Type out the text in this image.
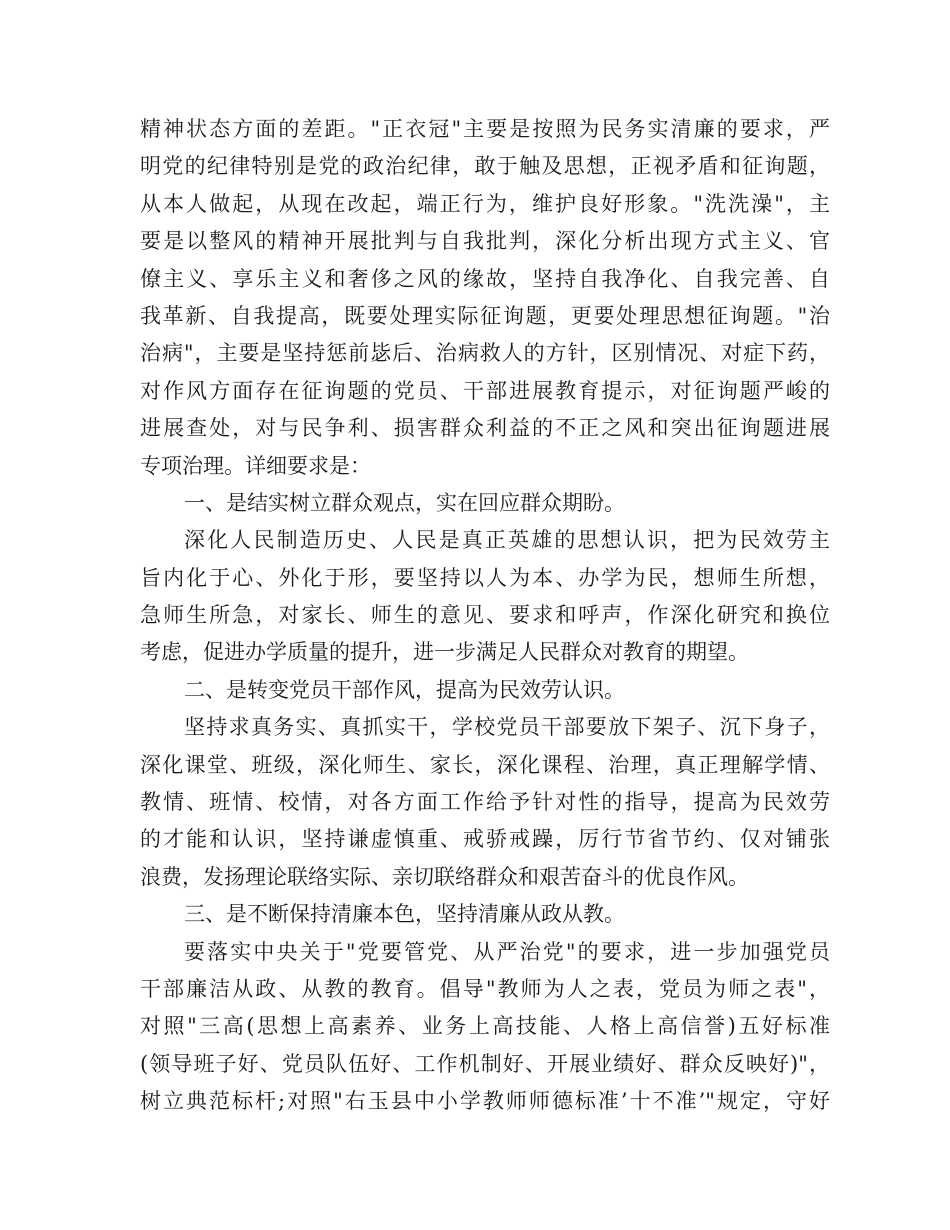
精神状态方面的差距。"正衣冠"主要是按照为民务实清廉的要求，严
明党的纪律特别是党的政治纪律，敢于触及思想，正视矛盾和征询题，
从本人做起，从现在改起，端正行为，维护良好形象。"洗洗澡"，主
要是以整风的精神开展批判与自我批判，深化分析出现方式主义、官
僚主义、享乐主义和奢侈之风的缘故，坚持自我净化、自我完善、自
我革新、自我提高，既要处理实际征询题，更要处理思想征询题。"治
治病"，主要是坚持惩前毖后、治病救人的方针，区别情况、对症下药，
对作风方面存在征询题的党员、干部进展教育提示，对征询题严峻的
进展查处，对与民争利、损害群众利益的不正之风和突出征询题进展
专项治理。详细要求是：
一、是结实树立群众观点，实在回应群众期盼。
深化人民制造历史、人民是真正英雄的思想认识，把为民效劳主
旨内化于心、外化于形，要坚持以人为本、办学为民，想师生所想，
急师生所急，对家长、师生的意见、要求和呼声，作深化研究和换位
考虑，促进办学质量的提升，进一步满足人民群众对教育的期望。
二、是转变党员干部作风，提高为民效劳认识。
坚持求真务实、真抓实干，学校党员干部要放下架子、沉下身子，
深化课堂、班级，深化师生、家长，深化课程、治理，真正理解学情、
教情、班情、校情，对各方面工作给予针对性的指导，提高为民效劳
的才能和认识，坚持谦虚慎重、戒骄戒躁，厉行节省节约、仅对铺张
浪费，发扬理论联络实际、亲切联络群众和艰苦奋斗的优良作风。
三、是不断保持清廉本色，坚持清廉从政从教。
要落实中央关于"党要管党、从严治党"的要求，进一步加强党员
干部廉洁从政、从教的教育。倡导"教师为人之表，党员为师之表"，
对照"三高(思想上高素养、业务上高技能、人格上高信誉)五好标准
(领导班子好、党员队伍好、工作机制好、开展业绩好、群众反映好)"，
树立典范标杆;对照"右玉县中小学教师师德标准’十不准’"规定，守好
